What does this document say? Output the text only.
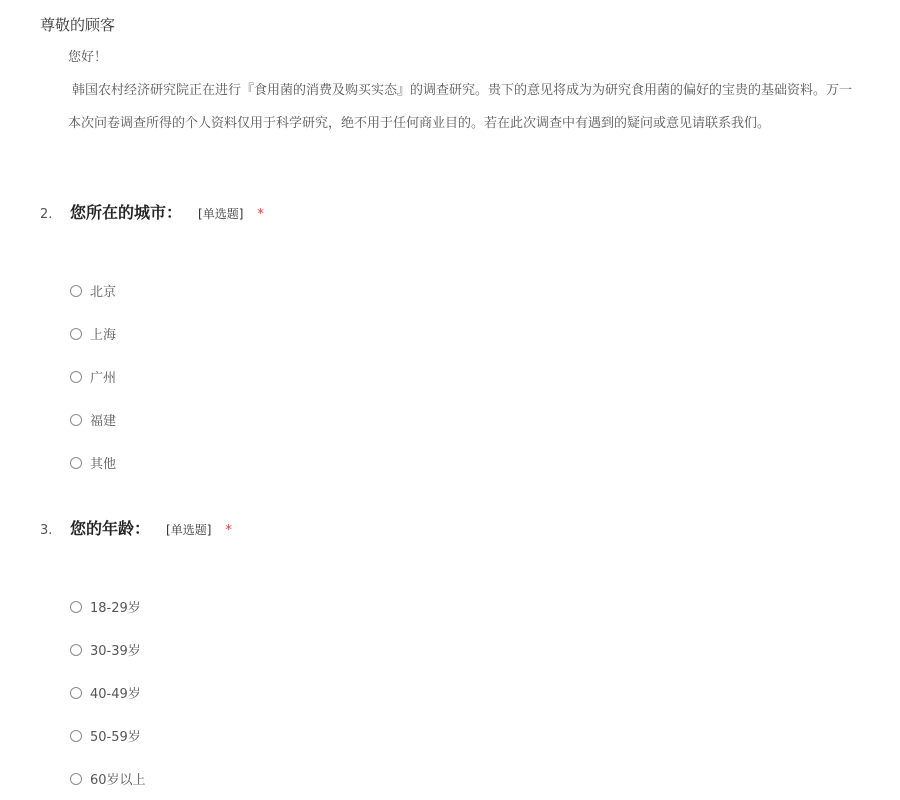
尊敬的顾客

您好！
韩国农村经济研究院正在进行『食用菌的消费及购买实态』的调查研究。贵下的意见将成为为研究食用菌的偏好的宝贵的基础资料。万一
本次问卷调查所得的个人资料仅用于科学研究，绝不用于任何商业目的。若在此次调查中有遇到的疑问或意见请联系我们。
2.	您所在的城市： [单选题] *
北京
上海
广州
福建
其他
3.	您的年龄： [单选题] *
18-29岁
30-39岁
40-49岁
50-59岁
60岁以上
